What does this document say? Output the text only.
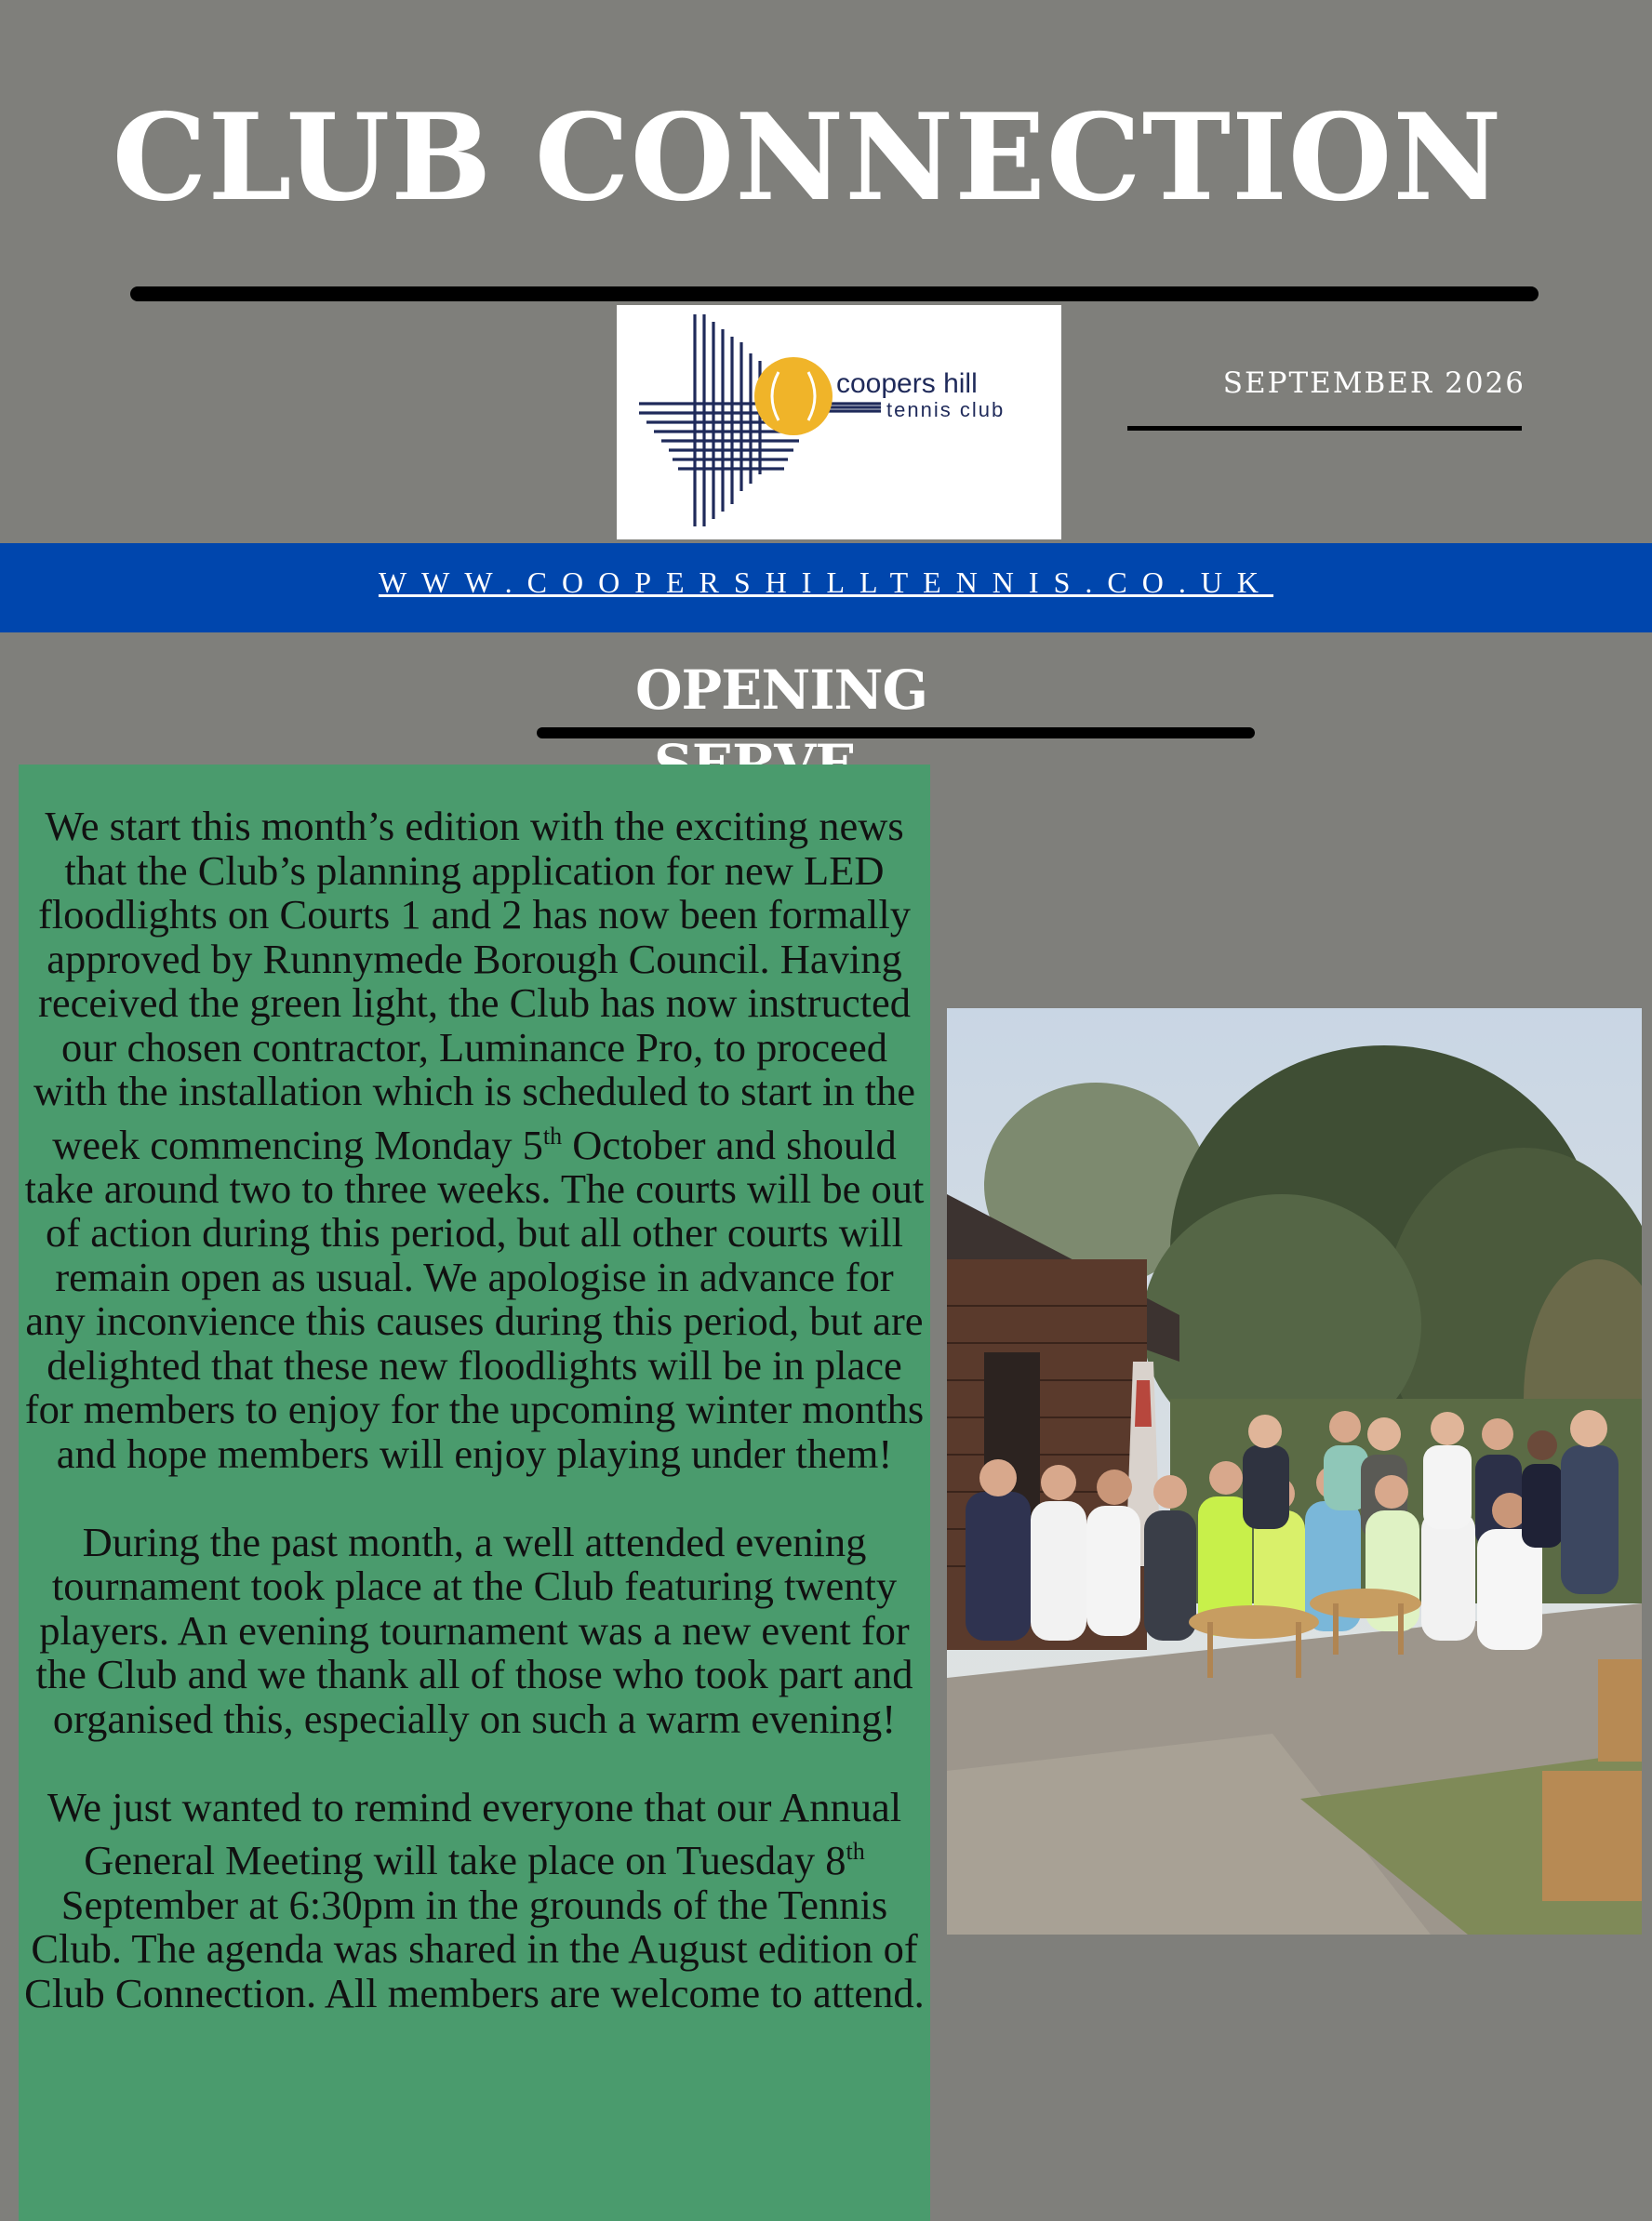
CLUB CONNECTION
coopers hill
tennis club
SEPTEMBER 2026
WWW.COOPERSHILLTENNIS.CO.UK
OPENING

We start this month’s edition with the exciting news that the Club’s planning application for new LED floodlights on Courts 1 and 2 has now been formally approved by Runnymede Borough Council. Having received the green light, the Club has now instructed our chosen contractor, Luminance Pro, to proceed with the installation which is scheduled to start in the week commencing Monday 5th October and should take around two to three weeks. The courts will be out of action during this period, but all other courts will remain open as usual. We apologise in advance for any inconvience this causes during this period, but are delighted that these new floodlights will be in place for members to enjoy for the upcoming winter months and hope members will enjoy playing under them!

During the past month, a well attended evening tournament took place at the Club featuring twenty players. An evening tournament was a new event for the Club and we thank all of those who took part and organised this, especially on such a warm evening!

We just wanted to remind everyone that our Annual General Meeting will take place on Tuesday 8th September at 6:30pm in the grounds of the Tennis Club. The agenda was shared in the August edition of Club Connection. All members are welcome to attend.
